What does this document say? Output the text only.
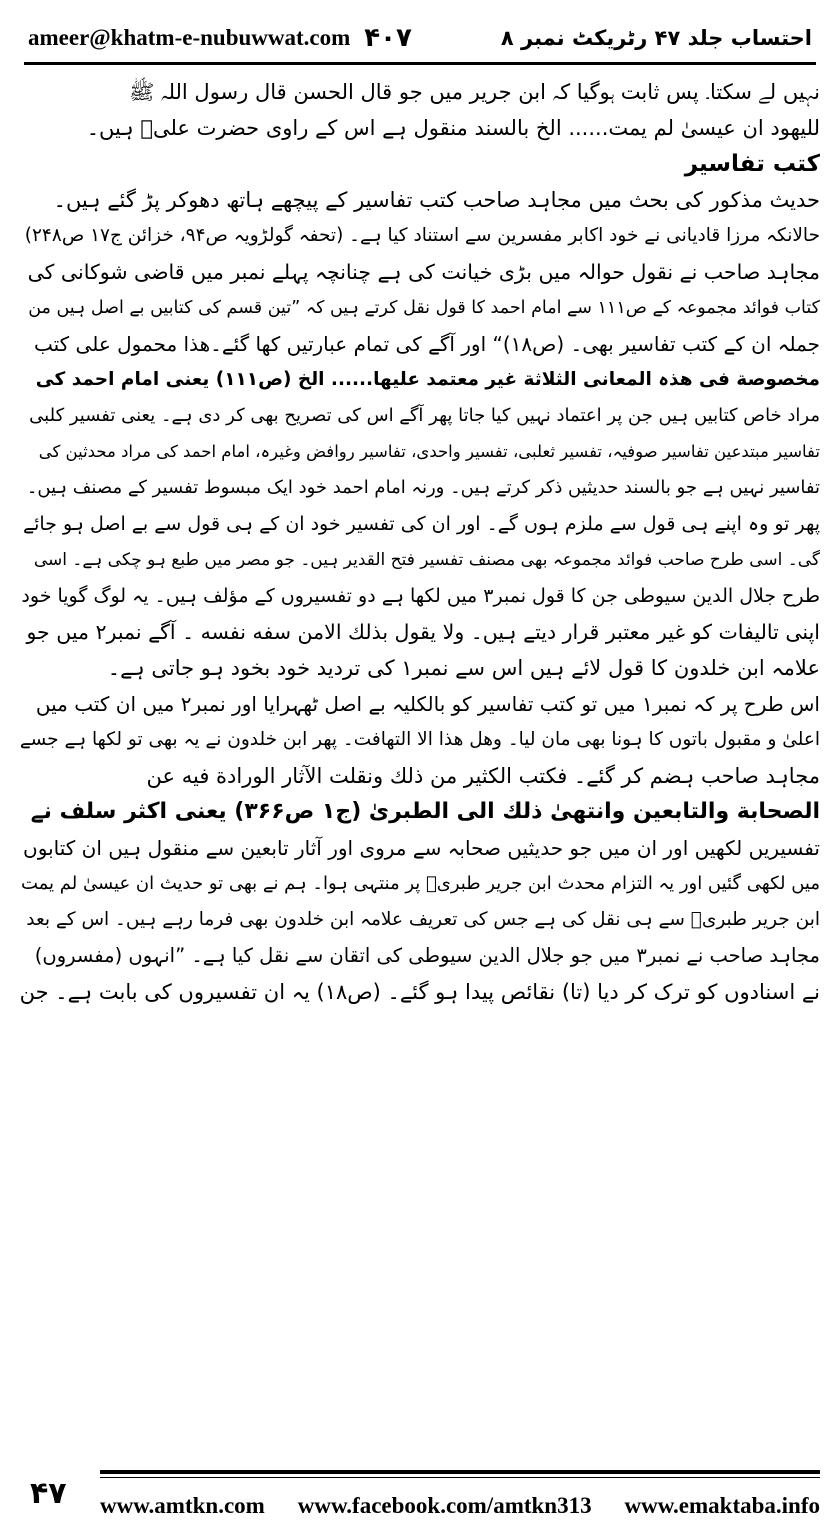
ameer@khatm-e-nubuwwat.com ۴۰۷	احتساب جلد ۴۷ رٹریکٹ نمبر ۸
نہیں لے سکتا۔ پس ثابت ہوگیا کہ ابن جریر میں جو قال الحسن قال رسول اللہ ﷺ
للیھود ان عیسیٰ لم یمت...... الخ بالسند منقول ہے اس کے راوی حضرت علیؓ ہیں۔
کتب تفاسیر
حدیث مذکور کی بحث میں مجاہد صاحب کتب تفاسیر کے پیچھے ہاتھ دھوکر پڑ گئے ہیں۔
حالانکہ مرزا قادیانی نے خود اکابر مفسرین سے استناد کیا ہے۔ (تحفہ گولڑویہ ص۹۴، خزائن ج۱۷ ص۲۴۸)
مجاہد صاحب نے نقول حوالہ میں بڑی خیانت کی ہے چنانچہ پہلے نمبر میں قاضی شوکانی کی
کتاب فوائد مجموعہ کے ص۱۱۱ سے امام احمد کا قول نقل کرتے ہیں کہ ”تین قسم کی کتابیں بے اصل ہیں من
جملہ ان کے کتب تفاسیر بھی۔ (ص۱۸)“ اور آگے کی تمام عبارتیں کھا گئے۔ھذا محمول علی کتب
مخصوصة فی ھذہ المعانی الثلاثة غیر معتمد علیھا...... الخ (ص۱۱۱) یعنی امام احمد کی
مراد خاص کتابیں ہیں جن پر اعتماد نہیں کیا جاتا پھر آگے اس کی تصریح بھی کر دی ہے۔ یعنی تفسیر کلبی
تفاسیر مبتدعین تفاسیر صوفیہ، تفسیر ثعلبی، تفسیر واحدی، تفاسیر روافض وغیرہ، امام احمد کی مراد محدثین کی
تفاسیر نہیں ہے جو بالسند حدیثیں ذکر کرتے ہیں۔ ورنہ امام احمد خود ایک مبسوط تفسیر کے مصنف ہیں۔
پھر تو وہ اپنے ہی قول سے ملزم ہوں گے۔ اور ان کی تفسیر خود ان کے ہی قول سے بے اصل ہو جائے
گی۔ اسی طرح صاحب فوائد مجموعہ بھی مصنف تفسیر فتح القدیر ہیں۔ جو مصر میں طبع ہو چکی ہے۔ اسی
طرح جلال الدین سیوطی جن کا قول نمبر۳ میں لکھا ہے دو تفسیروں کے مؤلف ہیں۔ یہ لوگ گویا خود
اپنی تالیفات کو غیر معتبر قرار دیتے ہیں۔ ولا یقول بذلك الامن سفه نفسه ۔ آگے نمبر۲ میں جو
علامہ ابن خلدون کا قول لائے ہیں اس سے نمبر۱ کی تردید خود بخود ہو جاتی ہے۔
اس طرح پر کہ نمبر۱ میں تو کتب تفاسیر کو بالکلیہ بے اصل ٹھہرایا اور نمبر۲ میں ان کتب میں
اعلیٰ و مقبول باتوں کا ہونا بھی مان لیا۔ وھل ھذا الا التھافت۔ پھر ابن خلدون نے یہ بھی تو لکھا ہے جسے
مجاہد صاحب ہضم کر گئے۔ فکتب الکثیر من ذلك ونقلت الآثار الورادة فیه عن
الصحابة والتابعین وانتھیٰ ذلك الی الطبریٰ (ج۱ ص۳۶۶) یعنی اکثر سلف نے
تفسیریں لکھیں اور ان میں جو حدیثیں صحابہ سے مروی اور آثار تابعین سے منقول ہیں ان کتابوں
میں لکھی گئیں اور یہ التزام محدث ابن جریر طبریؒ پر منتہی ہوا۔ ہم نے بھی تو حدیث ان عیسیٰ لم یمت
ابن جریر طبریؒ سے ہی نقل کی ہے جس کی تعریف علامہ ابن خلدون بھی فرما رہے ہیں۔ اس کے بعد
مجاہد صاحب نے نمبر۳ میں جو جلال الدین سیوطی کی اتقان سے نقل کیا ہے۔ ”انہوں (مفسروں)
نے اسنادوں کو ترک کر دیا (تا) نقائص پیدا ہو گئے۔ (ص۱۸) یہ ان تفسیروں کی بابت ہے۔ جن
۴۷ www.amtkn.com www.facebook.com/amtkn313 www.emaktaba.info
